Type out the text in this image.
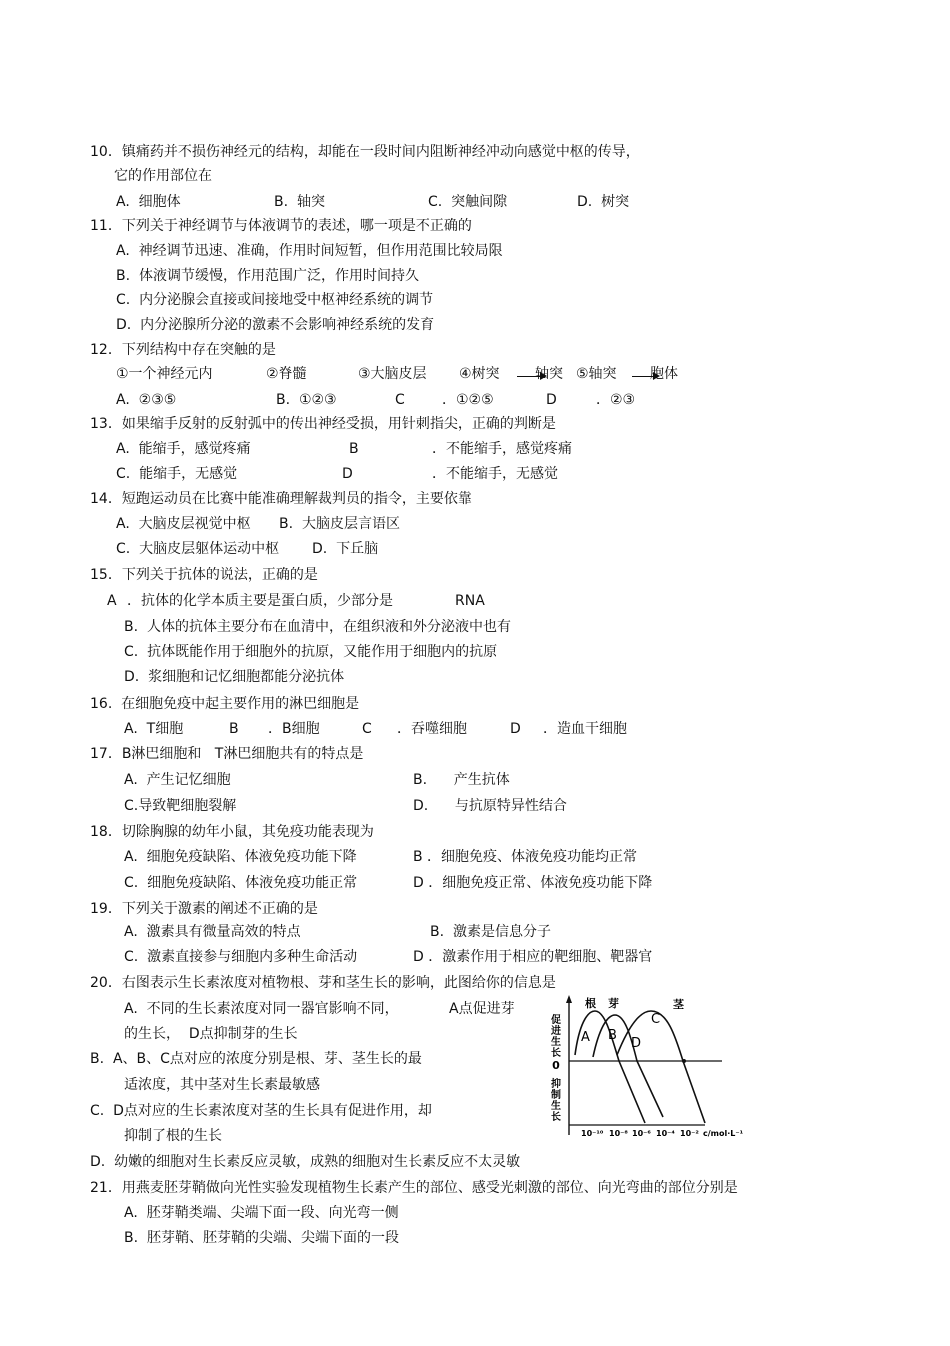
10．镇痛药并不损伤神经元的结构，却能在一段时间内阻断神经冲动向感觉中枢的传导，
它的作用部位在
A.  细胞体	B.  轴突	C.  突触间隙	D.  树突
11．下列关于神经调节与体液调节的表述，哪一项是不正确的
A.  神经调节迅速、准确，作用时间短暂，但作用范围比较局限
B.  体液调节缓慢，作用范围广泛，作用时间持久
C.  内分泌腺会直接或间接地受中枢神经系统的调节
D.  内分泌腺所分泌的激素不会影响神经系统的发育
12．下列结构中存在突触的是
①一个神经元内	②脊髓	③大脑皮层 ④树突	轴突 ⑤轴突 胞体
A.  ②③⑤	B.  ①②③	C	．①②⑤	D	．②③
13．如果缩手反射的反射弧中的传出神经受损，用针刺指尖，正确的判断是
A.  能缩手，感觉疼痛	B	．不能缩手，感觉疼痛
C.  能缩手，无感觉	D	．不能缩手，无感觉
14．短跑运动员在比赛中能准确理解裁判员的指令，主要依靠
A.  大脑皮层视觉中枢 B.  大脑皮层言语区
C.  大脑皮层躯体运动中枢 D.  下丘脑
15．下列关于抗体的说法，正确的是
A ．抗体的化学本质主要是蛋白质，少部分是	RNA
B.  人体的抗体主要分布在血清中，在组织液和外分泌液中也有
C.  抗体既能作用于细胞外的抗原，又能作用于细胞内的抗原
D.  浆细胞和记忆细胞都能分泌抗体
16.  在细胞免疫中起主要作用的淋巴细胞是
A.  T细胞	B ．B细胞	C ．吞噬细胞	D ．造血干细胞
17．B淋巴细胞和   T淋巴细胞共有的特点是
A.  产生记忆细胞	B.      产生抗体
C.导致靶细胞裂解	D.      与抗原特异性结合
18．切除胸腺的幼年小鼠，其免疫功能表现为
A.  细胞免疫缺陷、体液免疫功能下降	B ．细胞免疫、体液免疫功能均正常
C.  细胞免疫缺陷、体液免疫功能正常	D ．细胞免疫正常、体液免疫功能下降
19．下列关于激素的阐述不正确的是
A.  激素具有微量高效的特点	B.  激素是信息分子
C.  激素直接参与细胞内多种生命活动	D ．激素作用于相应的靶细胞、靶器官
20．右图表示生长素浓度对植物根、芽和茎生长的影响，此图给你的信息是
A.  不同的生长素浓度对同一器官影响不同，	A点促进芽
的生长，  D点抑制芽的生长
B.  A、B、C点对应的浓度分别是根、芽、茎生长的最
适浓度，其中茎对生长素最敏感
C.  D点对应的生长素浓度对茎的生长具有促进作用，却
抑制了根的生长
D.  幼嫩的细胞对生长素反应灵敏，成熟的细胞对生长素反应不太灵敏
促进生长
0
抑制生长
根 芽	茎
A B
C
D
10⁻¹⁰ 10⁻⁸ 10⁻⁶ 10⁻⁴ 10⁻² c/mol·L⁻¹
21．用燕麦胚芽鞘做向光性实验发现植物生长素产生的部位、感受光刺激的部位、向光弯曲的部位分别是
A.  胚芽鞘类端、尖端下面一段、向光弯一侧
B.  胚芽鞘、胚芽鞘的尖端、尖端下面的一段
